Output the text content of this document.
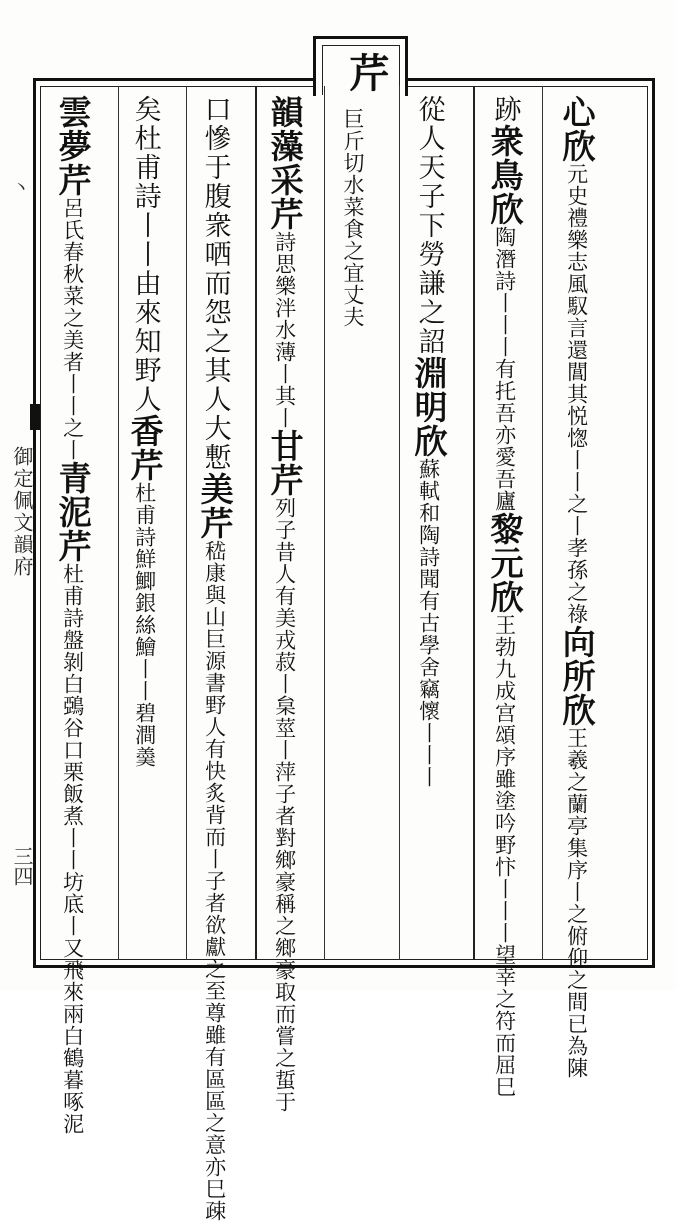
芹
丶
御定佩文韻府
三四
心欣元史禮樂志風馭言還閶其悦愡丨丨之丨孝孫之祿向所欣王羲之蘭亭集序丨之俯仰之間已為陳
跡衆鳥欣陶潛詩丨丨丨有托吾亦愛吾廬黎元欣王勃九成宫頌序雖塗吟野忭丨丨丨望幸之符而屈巳
從人天子下勞謙之詔淵明欣蘇軾和陶詩聞有古學舍竊懷丨丨丨
巨斤切水菜食之宜丈夫
韻藻采芹詩思樂泮水薄丨其丨甘芹列子昔人有美戎菽丨枲莖丨萍子者對鄉豪稱之鄉豪取而嘗之蜇于
口慘于腹衆哂而怨之其人大慙美芹嵇康與山巨源書野人有快炙背而丨子者欲獻之至尊雖有區區之意亦巳疎
矣杜甫詩丨丨由來知野人香芹杜甫詩鮮鯽銀絲鱠丨丨碧澗羮
雲夢芹呂氏春秋菜之美者丨丨之丨青泥芹杜甫詩盤剝白鵶谷口栗飯煮丨丨坊底丨又飛來兩白鶴暮啄泥
